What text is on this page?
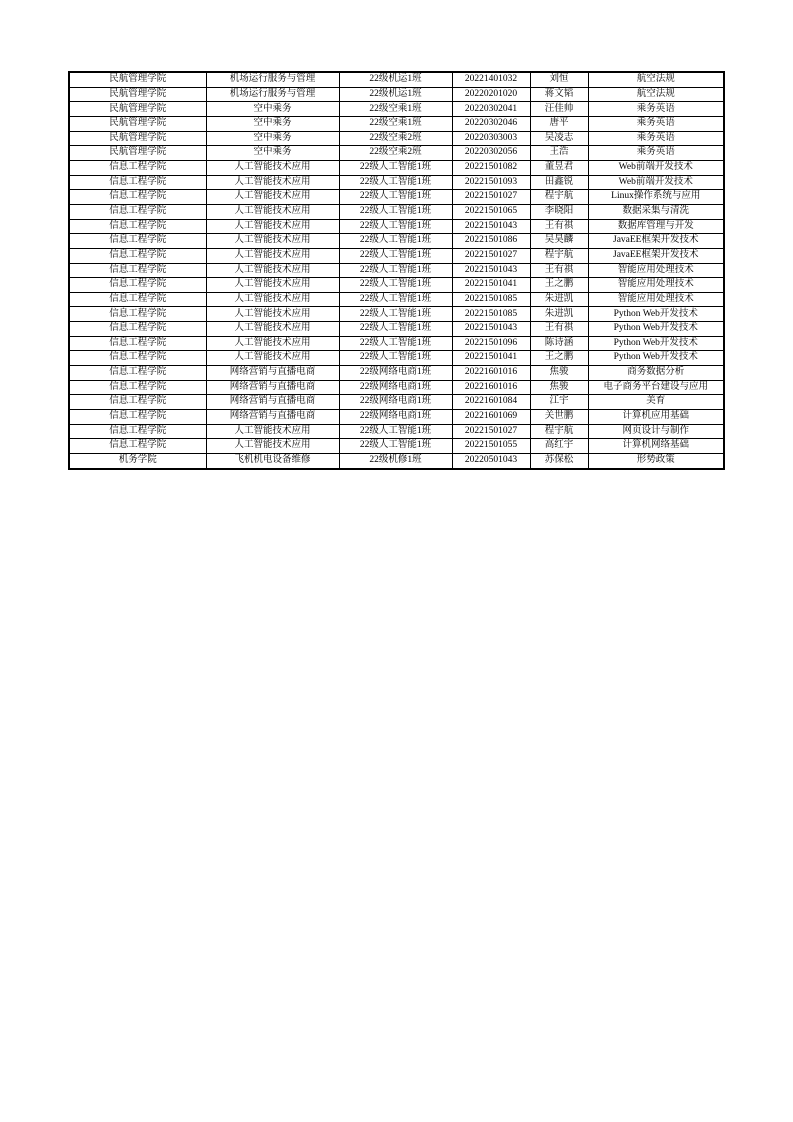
民航管理学院	机场运行服务与管理	22级机运1班	20221401032	刘恒	航空法规
民航管理学院	机场运行服务与管理	22级机运1班	20220201020	蒋文韬	航空法规
民航管理学院	空中乘务	22级空乘1班	20220302041	汪佳帅	乘务英语
民航管理学院	空中乘务	22级空乘1班	20220302046	唐平	乘务英语
民航管理学院	空中乘务	22级空乘2班	20220303003	吴凌志	乘务英语
民航管理学院	空中乘务	22级空乘2班	20220302056	王浩	乘务英语
信息工程学院	人工智能技术应用	22级人工智能1班	20221501082	董昱君	Web前端开发技术
信息工程学院	人工智能技术应用	22级人工智能1班	20221501093	田鑫锐	Web前端开发技术
信息工程学院	人工智能技术应用	22级人工智能1班	20221501027	程宇航	Linux操作系统与应用
信息工程学院	人工智能技术应用	22级人工智能1班	20221501065	李晓阳	数据采集与清洗
信息工程学院	人工智能技术应用	22级人工智能1班	20221501043	王有祺	数据库管理与开发
信息工程学院	人工智能技术应用	22级人工智能1班	20221501086	吴昊麟	JavaEE框架开发技术
信息工程学院	人工智能技术应用	22级人工智能1班	20221501027	程宇航	JavaEE框架开发技术
信息工程学院	人工智能技术应用	22级人工智能1班	20221501043	王有祺	智能应用处理技术
信息工程学院	人工智能技术应用	22级人工智能1班	20221501041	王之鹏	智能应用处理技术
信息工程学院	人工智能技术应用	22级人工智能1班	20221501085	朱进凯	智能应用处理技术
信息工程学院	人工智能技术应用	22级人工智能1班	20221501085	朱进凯	Python Web开发技术
信息工程学院	人工智能技术应用	22级人工智能1班	20221501043	王有祺	Python Web开发技术
信息工程学院	人工智能技术应用	22级人工智能1班	20221501096	陈诗涵	Python Web开发技术
信息工程学院	人工智能技术应用	22级人工智能1班	20221501041	王之鹏	Python Web开发技术
信息工程学院	网络营销与直播电商	22级网络电商1班	20221601016	焦骏	商务数据分析
信息工程学院	网络营销与直播电商	22级网络电商1班	20221601016	焦骏	电子商务平台建设与应用
信息工程学院	网络营销与直播电商	22级网络电商1班	20221601084	江宇	美育
信息工程学院	网络营销与直播电商	22级网络电商1班	20221601069	关世鹏	计算机应用基础
信息工程学院	人工智能技术应用	22级人工智能1班	20221501027	程宇航	网页设计与制作
信息工程学院	人工智能技术应用	22级人工智能1班	20221501055	高红宇	计算机网络基础
机务学院	飞机机电设备维修	22级机修1班	20220501043	苏保松	形势政策
